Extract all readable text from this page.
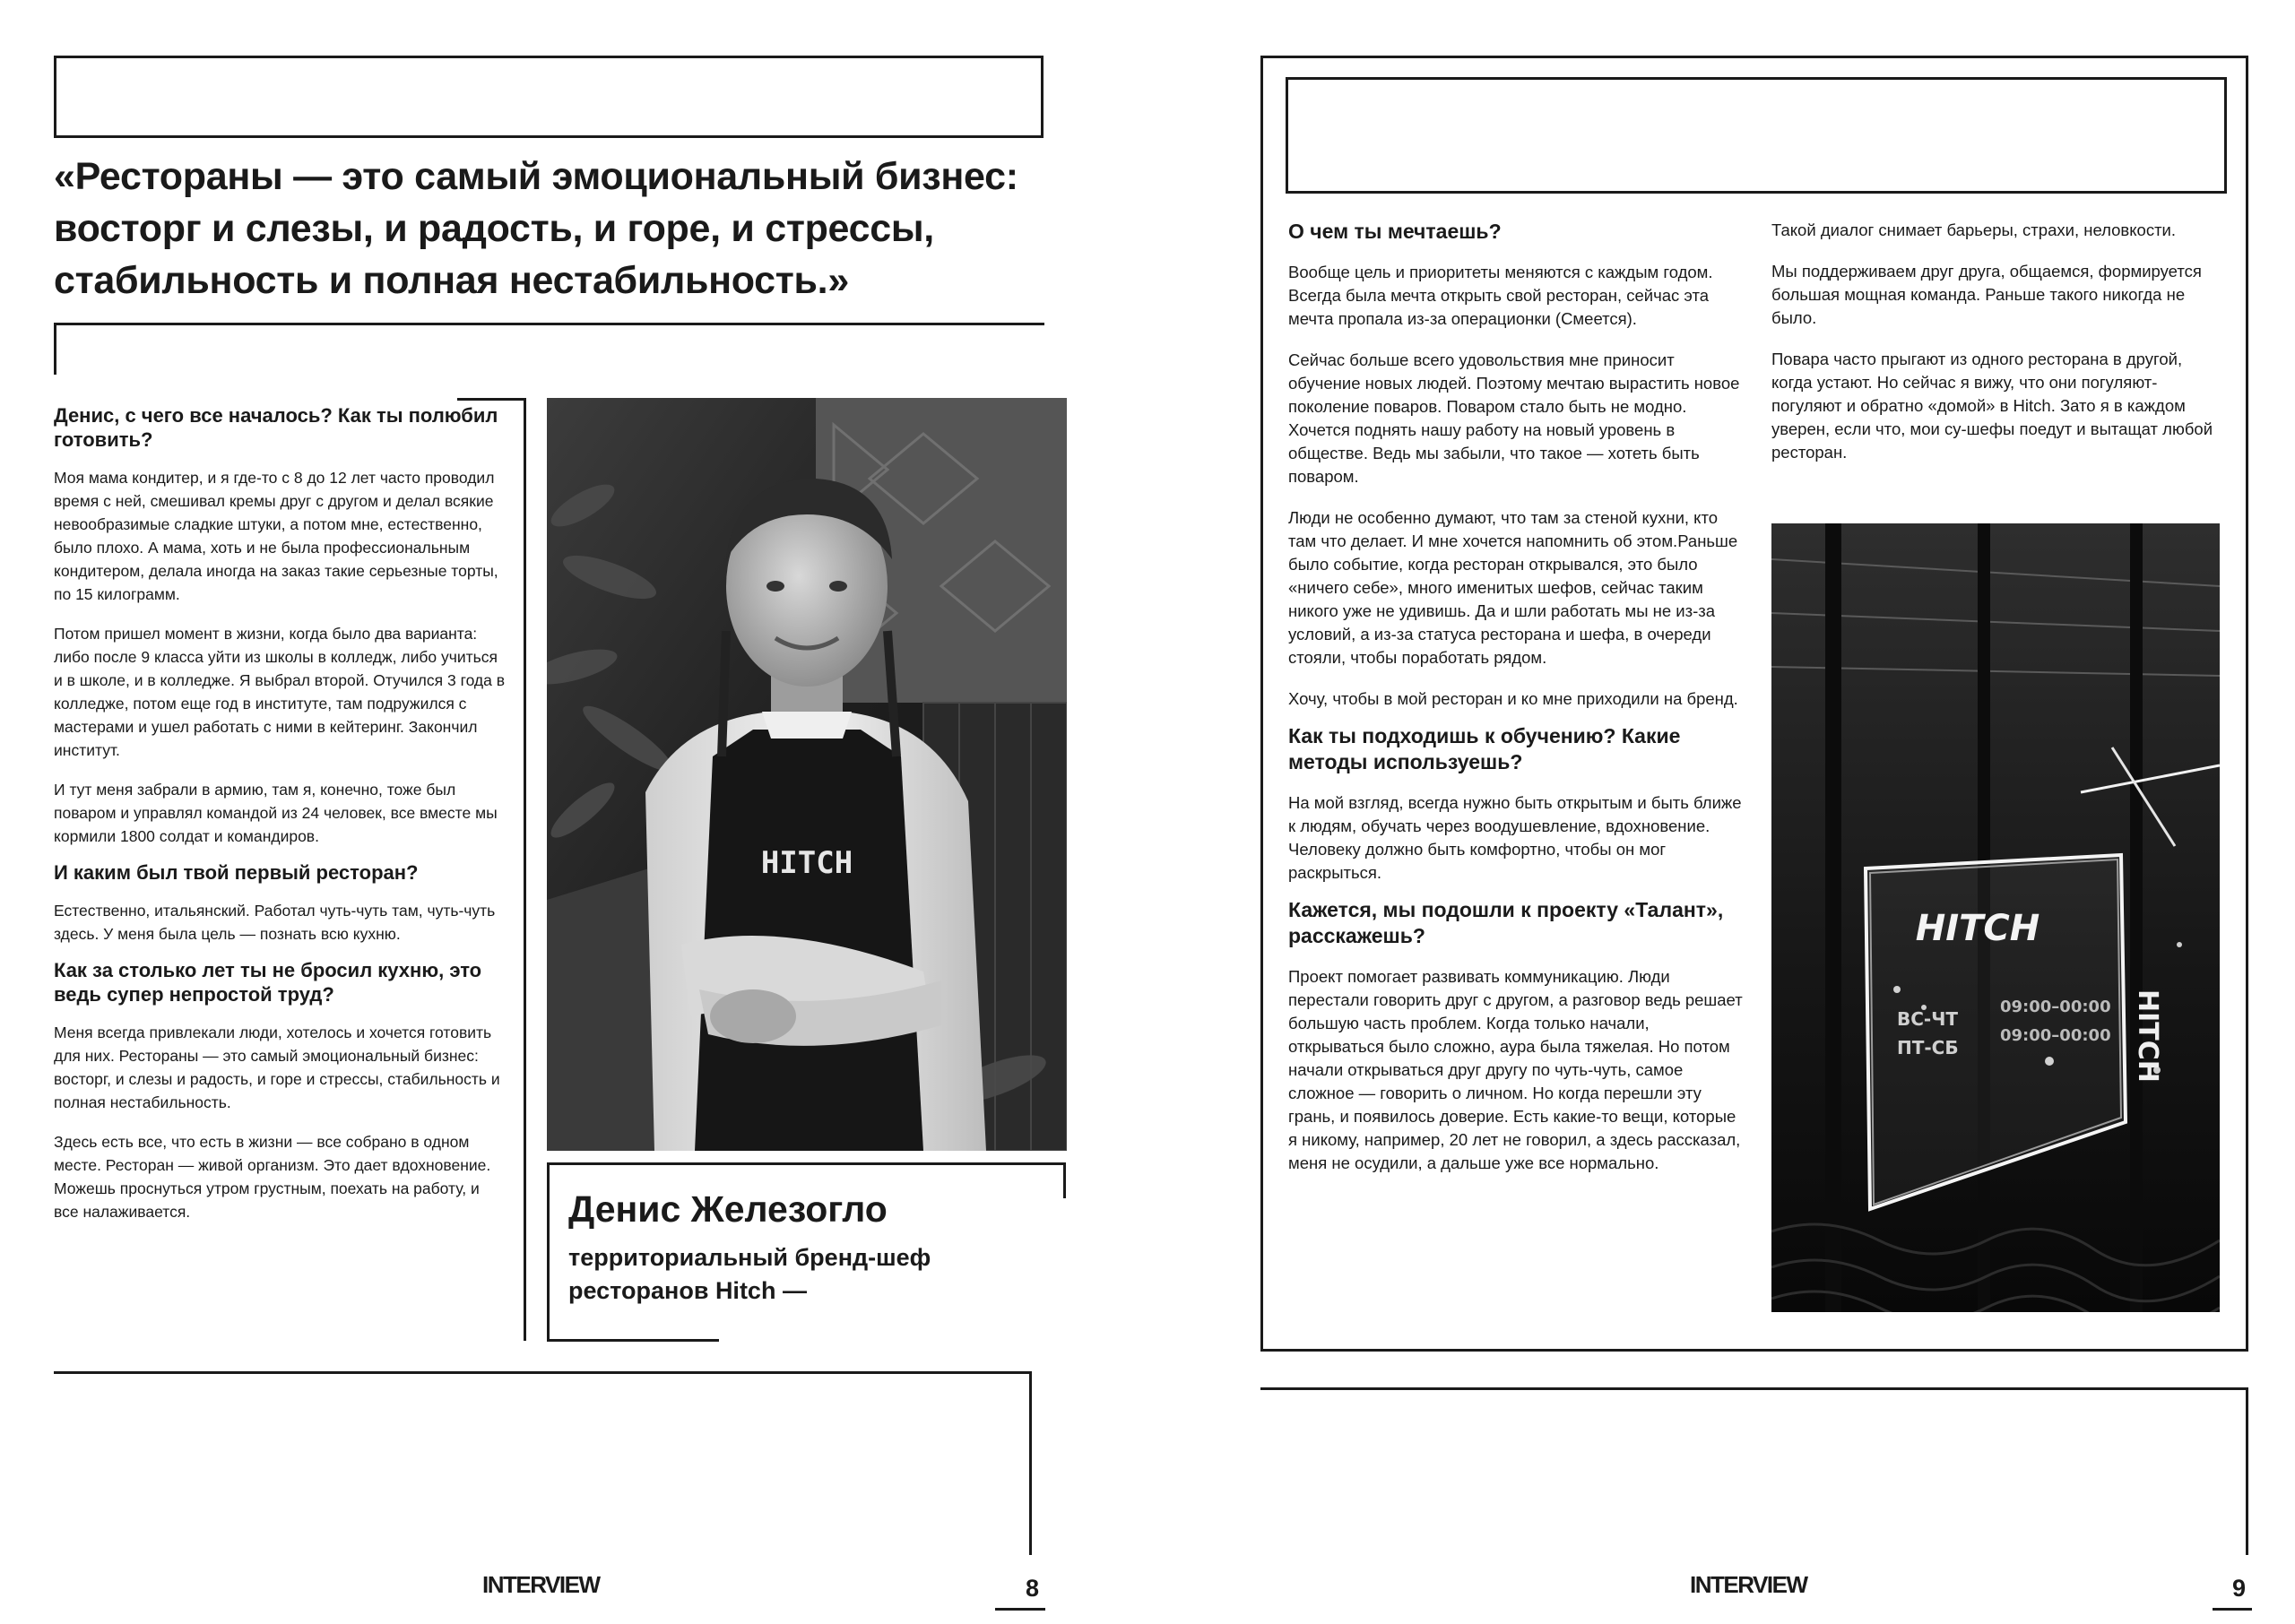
«Рестораны — это самый эмоциональный бизнес: восторг и слезы, и радость, и горе, и стрессы, стабильность и полная нестабильность.»
Денис, с чего все началось? Как ты полюбил готовить?

Моя мама кондитер, и я где-то с 8 до 12 лет часто проводил время с ней, смешивал кремы друг с другом и делал всякие невообразимые сладкие штуки, а потом мне, естественно, было плохо. А мама, хоть и не была профессиональным кондитером, делала иногда на заказ такие серьезные торты, по 15 килограмм.

Потом пришел момент в жизни, когда было два варианта: либо после 9 класса уйти из школы в колледж, либо учиться и в школе, и в колледже. Я выбрал второй. Отучился 3 года в колледже, потом еще год в институте, там подружился с мастерами и ушел работать с ними в кейтеринг. Закончил институт.

И тут меня забрали в армию, там я, конечно, тоже был поваром и управлял командой из 24 человек, все вместе мы кормили 1800 солдат и командиров.

И каким был твой первый ресторан?

Естественно, итальянский. Работал чуть-чуть там, чуть-чуть здесь. У меня была цель — познать всю кухню.

Как за столько лет ты не бросил кухню, это ведь супер непростой труд?

Меня всегда привлекали люди, хотелось и хочется готовить для них. Рестораны — это самый эмоциональный бизнес: восторг, и слезы и радость, и горе и стрессы, стабильность и полная нестабильность.

Здесь есть все, что есть в жизни — все собрано в одном месте. Ресторан — живой организм. Это дает вдохновение. Можешь проснуться утром грустным, поехать на работу, и все налаживается.

HITCH
Денис Железогло
территориальный бренд-шеф ресторанов Hitch —
INTERVIEW	8
О чем ты мечтаешь?

Вообще цель и приоритеты меняются с каждым годом. Всегда была мечта открыть свой ресторан, сейчас эта мечта пропала из-за операционки (Смеется).

Сейчас больше всего удовольствия мне приносит обучение новых людей. Поэтому мечтаю вырастить новое поколение поваров. Поваром стало быть не модно. Хочется поднять нашу работу на новый уровень в обществе. Ведь мы забыли, что такое — хотеть быть поваром.

Люди не особенно думают, что там за стеной кухни, кто там что делает. И мне хочется напомнить об этом.Раньше было событие, когда ресторан открывался, это было «ничего себе», много именитых шефов, сейчас таким никого уже не удивишь. Да и шли работать мы не из-за условий, а из-за статуса ресторана и шефа, в очереди стояли, чтобы поработать рядом.

Хочу, чтобы в мой ресторан и ко мне приходили на бренд.

Как ты подходишь к обучению? Какие методы используешь?

На мой взгляд, всегда нужно быть открытым и быть ближе к людям, обучать через воодушевление, вдохновение. Человеку должно быть комфортно, чтобы он мог раскрыться.

Кажется, мы подошли к проекту «Талант», расскажешь?

Проект помогает развивать коммуникацию. Люди перестали говорить друг с другом, а разговор ведь решает большую часть проблем. Когда только начали, открываться было сложно, аура была тяжелая. Но потом начали открываться друг другу по чуть-чуть, самое сложное — говорить о личном. Но когда перешли эту грань, и появилось доверие. Есть какие-то вещи, которые я никому, например, 20 лет не говорил, а здесь рассказал, меня не осудили, а дальше уже все нормально.

Такой диалог снимает барьеры, страхи, неловкости.

Мы поддерживаем друг друга, общаемся, формируется большая мощная команда. Раньше такого никогда не было.

Повара часто прыгают из одного ресторана в другой, когда устают. Но сейчас я вижу, что они погуляют-погуляют и обратно «домой» в Hitch. Зато я в каждом уверен, если что, мои су-шефы поедут и вытащат любой ресторан.

HITCH
ВС-ЧТ
ПТ-СБ
09:00–00:00
09:00–00:00 HITCH
INTERVIEW	9
